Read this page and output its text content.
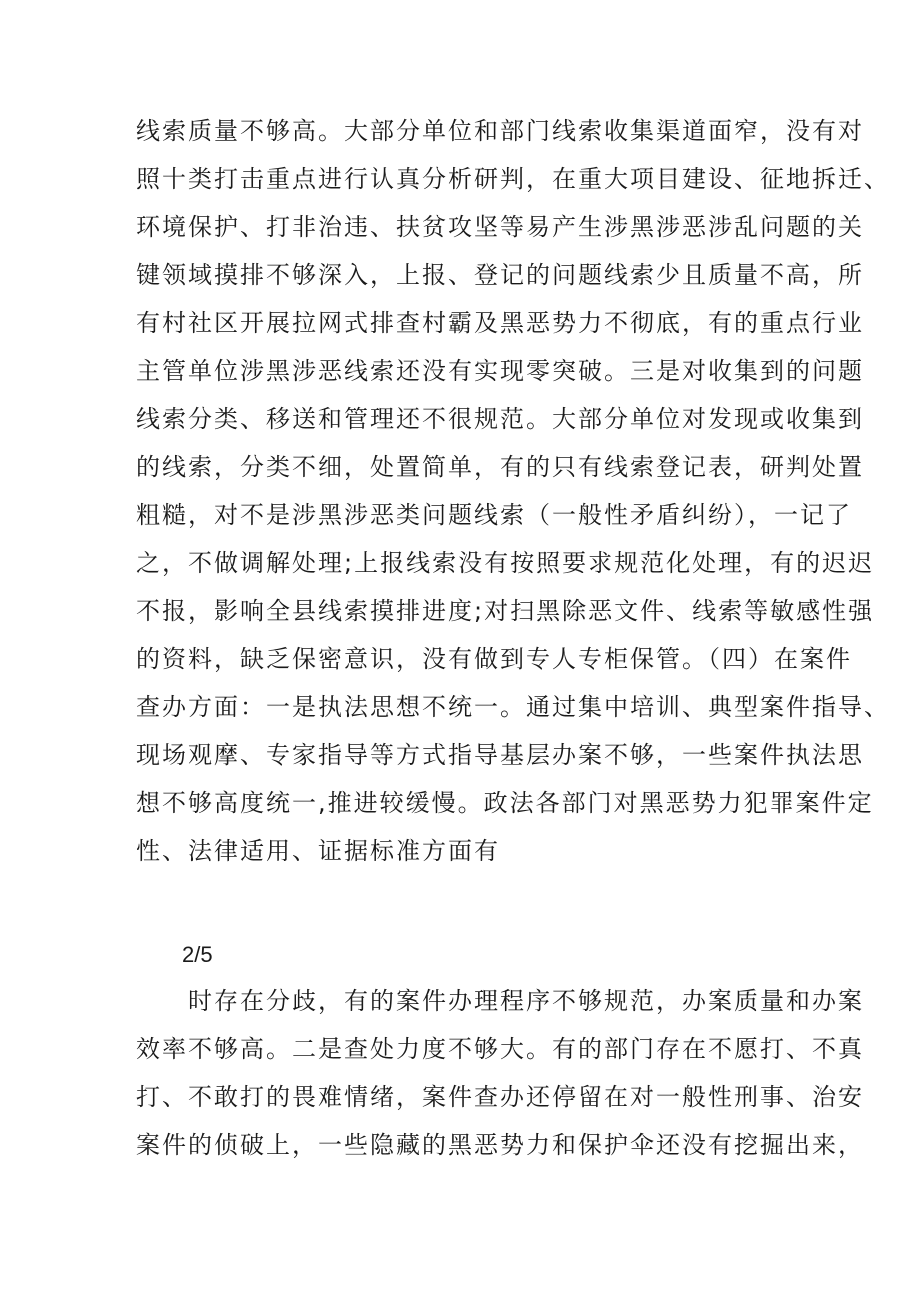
线索质量不够高。大部分单位和部门线索收集渠道面窄，没有对
照十类打击重点进行认真分析研判，在重大项目建设、征地拆迁、
环境保护、打非治违、扶贫攻坚等易产生涉黑涉恶涉乱问题的关
键领域摸排不够深入，上报、登记的问题线索少且质量不高，所
有村社区开展拉网式排查村霸及黑恶势力不彻底，有的重点行业
主管单位涉黑涉恶线索还没有实现零突破。三是对收集到的问题
线索分类、移送和管理还不很规范。大部分单位对发现或收集到
的线索，分类不细，处置简单，有的只有线索登记表，研判处置
粗糙，对不是涉黑涉恶类问题线索（一般性矛盾纠纷），一记了
之，不做调解处理;上报线索没有按照要求规范化处理，有的迟迟
不报，影响全县线索摸排进度;对扫黑除恶文件、线索等敏感性强
的资料，缺乏保密意识，没有做到专人专柜保管。（四）在案件
查办方面：一是执法思想不统一。通过集中培训、典型案件指导、
现场观摩、专家指导等方式指导基层办案不够，一些案件执法思
想不够高度统一,推进较缓慢。政法各部门对黑恶势力犯罪案件定
性、法律适用、证据标准方面有
2/5
　　时存在分歧，有的案件办理程序不够规范，办案质量和办案
效率不够高。二是查处力度不够大。有的部门存在不愿打、不真
打、不敢打的畏难情绪，案件查办还停留在对一般性刑事、治安
案件的侦破上，一些隐藏的黑恶势力和保护伞还没有挖掘出来，
